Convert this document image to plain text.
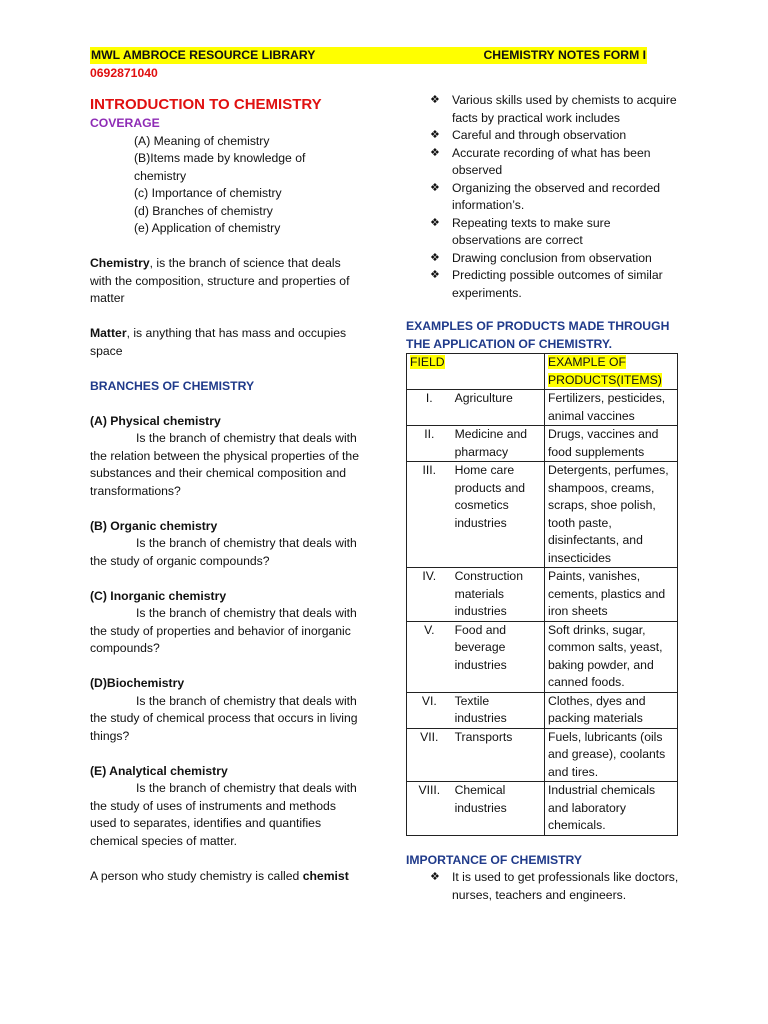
MWL AMBROCE RESOURCE LIBRARY	CHEMISTRY NOTES FORM I
0692871040
INTRODUCTION TO CHEMISTRY
COVERAGE
(A) Meaning of chemistry
(B)Items made by knowledge of chemistry
(c) Importance of chemistry
(d) Branches of chemistry
(e) Application of chemistry

Chemistry, is the branch of science that deals with the composition, structure and properties of matter

Matter, is anything that has mass and occupies space

BRANCHES OF CHEMISTRY
(A) Physical chemistry

Is the branch of chemistry that deals with the relation between the physical properties of the substances and their chemical composition and transformations?

(B) Organic chemistry

Is the branch of chemistry that deals with the study of organic compounds?

(C) Inorganic chemistry

Is the branch of chemistry that deals with the study of properties and behavior of inorganic compounds?

(D)Biochemistry

Is the branch of chemistry that deals with the study of chemical process that occurs in living things?

(E) Analytical chemistry

Is the branch of chemistry that deals with the study of uses of instruments and methods used to separates, identifies and quantifies chemical species of matter.

A person who study chemistry is called chemist

❖ Various skills used by chemists to acquire facts by practical work includes
❖ Careful and through observation
❖ Accurate recording of what has been observed
❖ Organizing the observed and recorded information’s.
❖ Repeating texts to make sure observations are correct
❖ Drawing conclusion from observation
❖ Predicting possible outcomes of similar experiments.
EXAMPLES OF PRODUCTS MADE THROUGH THE APPLICATION OF CHEMISTRY.
FIELD		EXAMPLE OF PRODUCTS(ITEMS)
I.	Agriculture	Fertilizers, pesticides, animal vaccines
II.	Medicine and pharmacy	Drugs, vaccines and food supplements
III.	Home care products and cosmetics industries	Detergents, perfumes, shampoos, creams, scraps, shoe polish, tooth paste, disinfectants, and insecticides
IV.	Construction materials industries	Paints, vanishes, cements, plastics and iron sheets
V.	Food and beverage industries	Soft drinks, sugar, common salts, yeast, baking powder, and canned foods.
VI.	Textile industries	Clothes, dyes and packing materials
VII.	Transports	Fuels, lubricants (oils and grease), coolants and tires.
VIII.	Chemical industries	Industrial chemicals and laboratory chemicals.
IMPORTANCE OF CHEMISTRY
❖ It is used to get professionals like doctors, nurses, teachers and engineers.
